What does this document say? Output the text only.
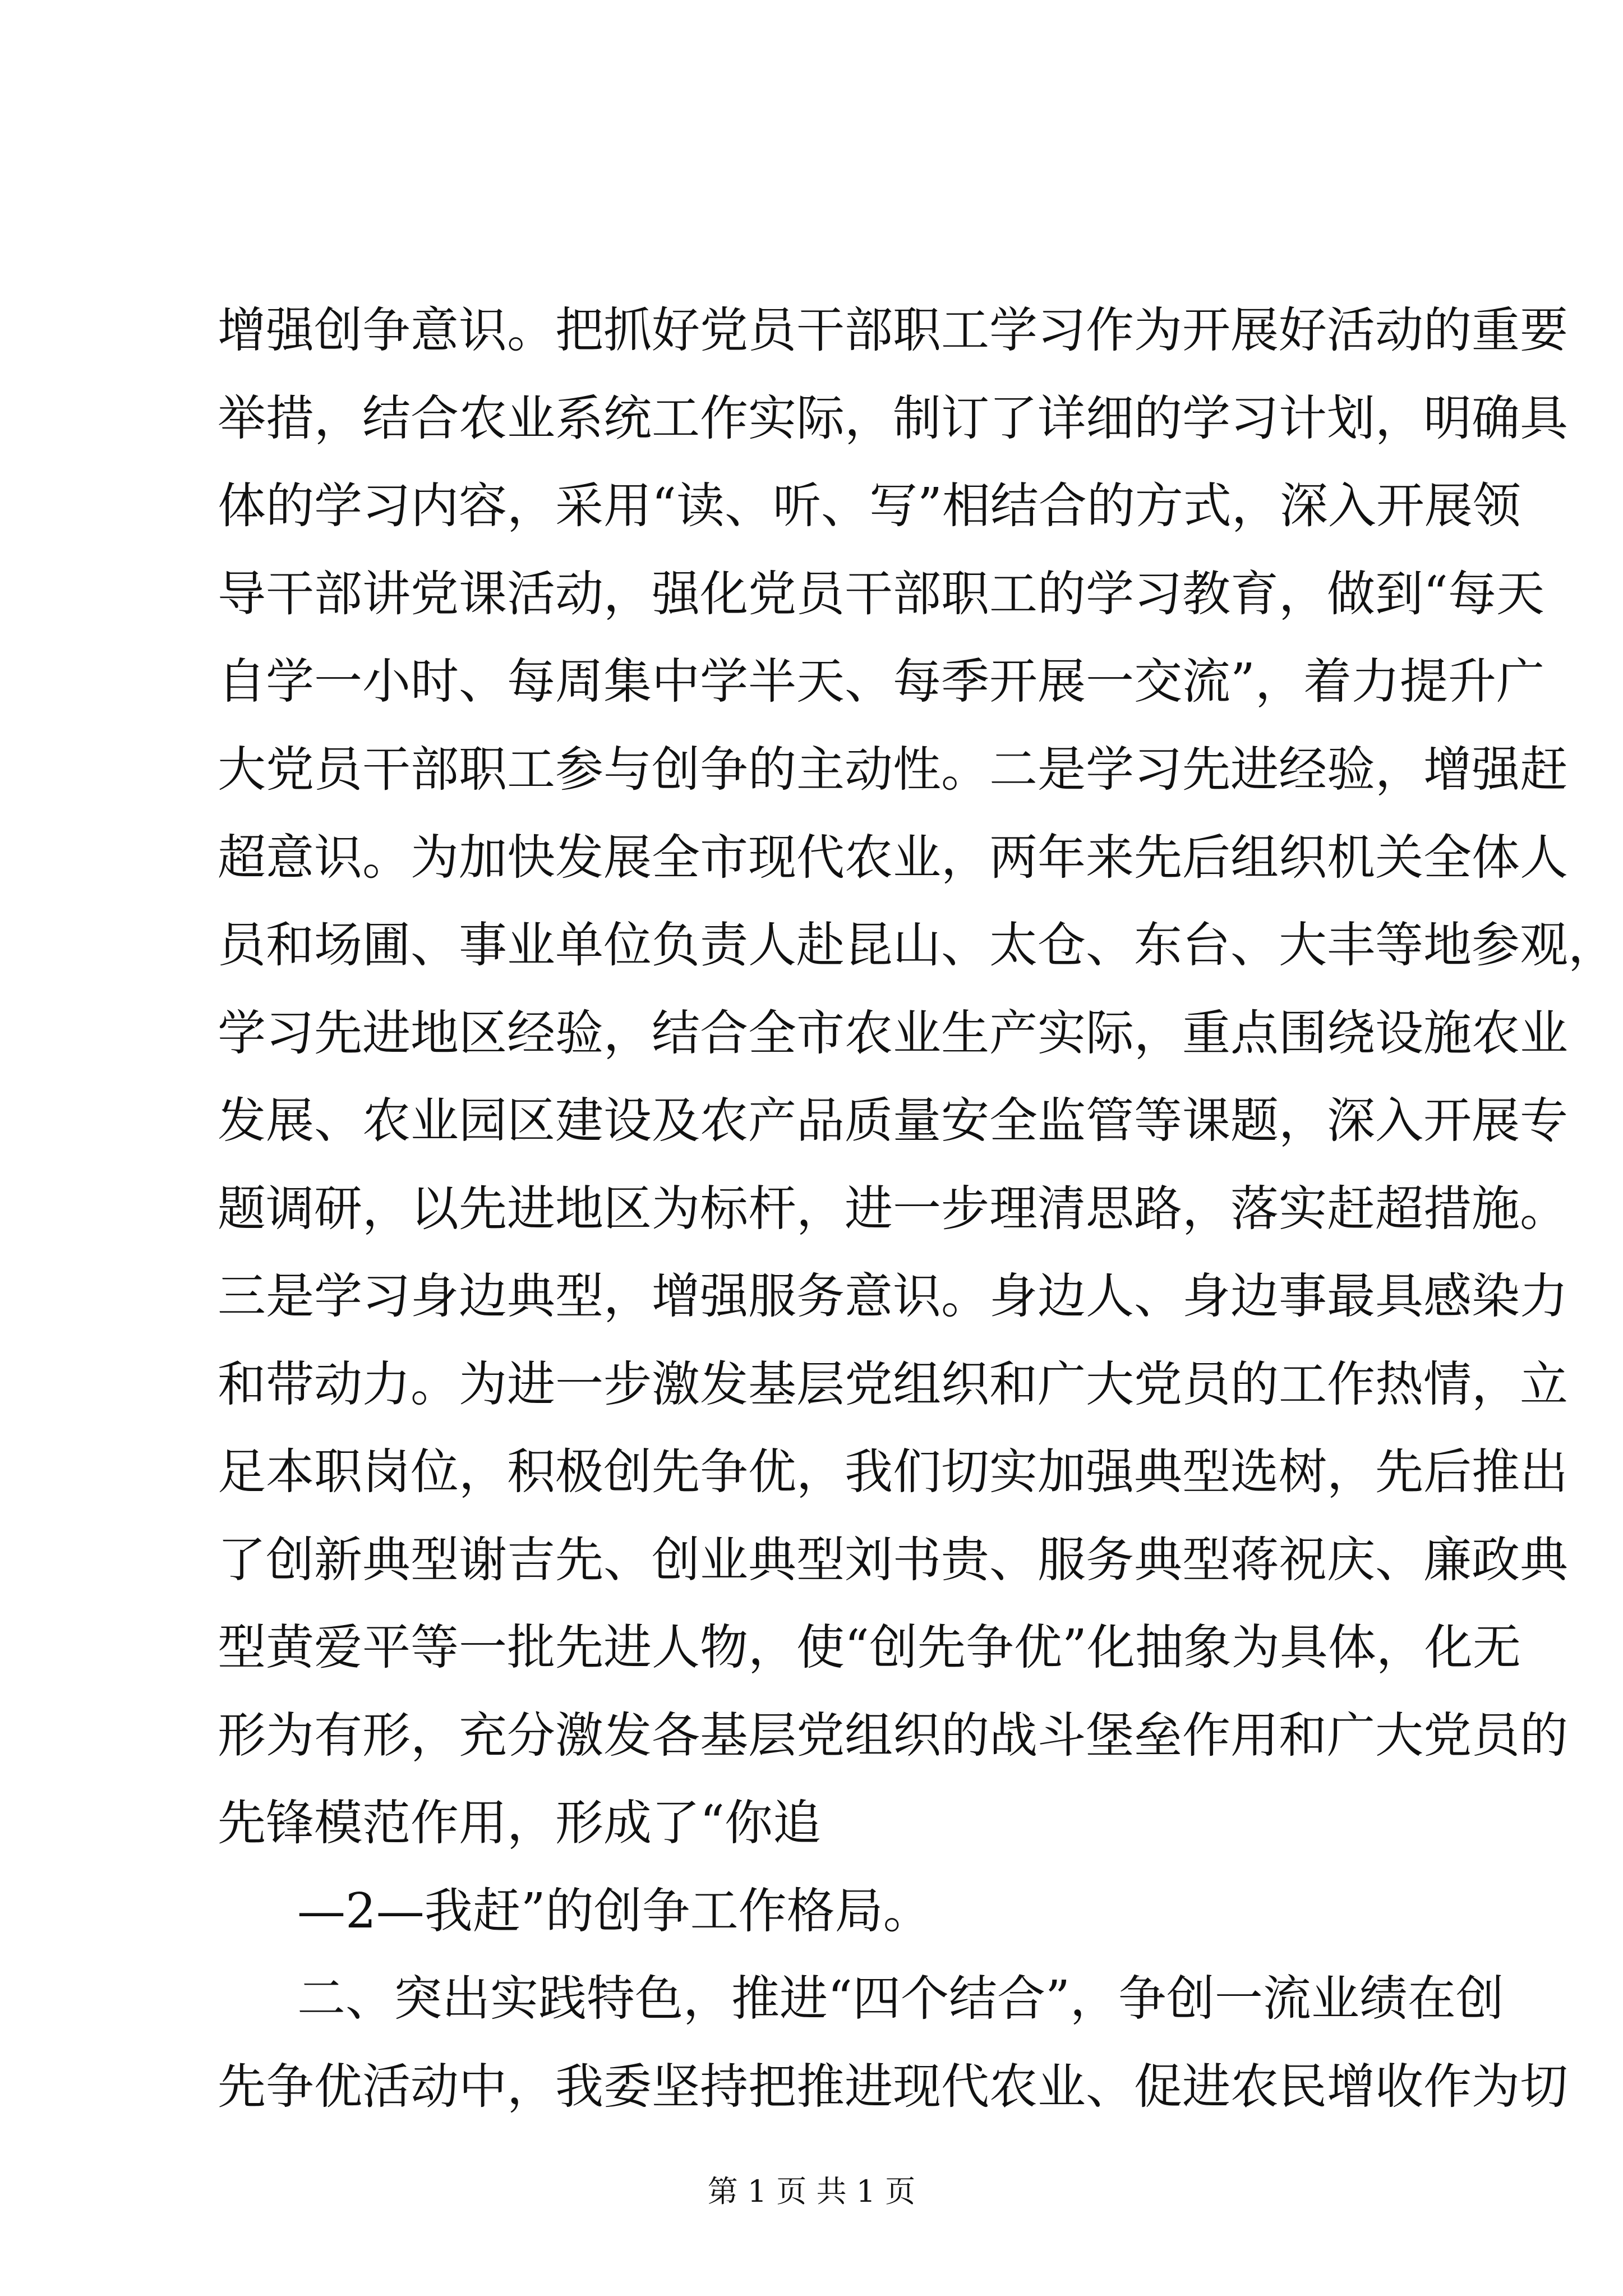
增强创争意识。把抓好党员干部职工学习作为开展好活动的重要
举措，结合农业系统工作实际，制订了详细的学习计划，明确具
体的学习内容，采用“读、听、写”相结合的方式，深入开展领
导干部讲党课活动，强化党员干部职工的学习教育，做到“每天
自学一小时、每周集中学半天、每季开展一交流”，着力提升广
大党员干部职工参与创争的主动性。二是学习先进经验，增强赶
超意识。为加快发展全市现代农业，两年来先后组织机关全体人
员和场圃、事业单位负责人赴昆山、太仓、东台、大丰等地参观，
学习先进地区经验，结合全市农业生产实际，重点围绕设施农业
发展、农业园区建设及农产品质量安全监管等课题，深入开展专
题调研，以先进地区为标杆，进一步理清思路，落实赶超措施。
三是学习身边典型，增强服务意识。身边人、身边事最具感染力
和带动力。为进一步激发基层党组织和广大党员的工作热情，立
足本职岗位，积极创先争优，我们切实加强典型选树，先后推出
了创新典型谢吉先、创业典型刘书贵、服务典型蒋祝庆、廉政典
型黄爱平等一批先进人物，使“创先争优”化抽象为具体，化无
形为有形，充分激发各基层党组织的战斗堡垒作用和广大党员的
先锋模范作用，形成了“你追
—2—我赶”的创争工作格局。
二、突出实践特色，推进“四个结合”，争创一流业绩在创
先争优活动中，我委坚持把推进现代农业、促进农民增收作为切
第 1 页 共 1 页
